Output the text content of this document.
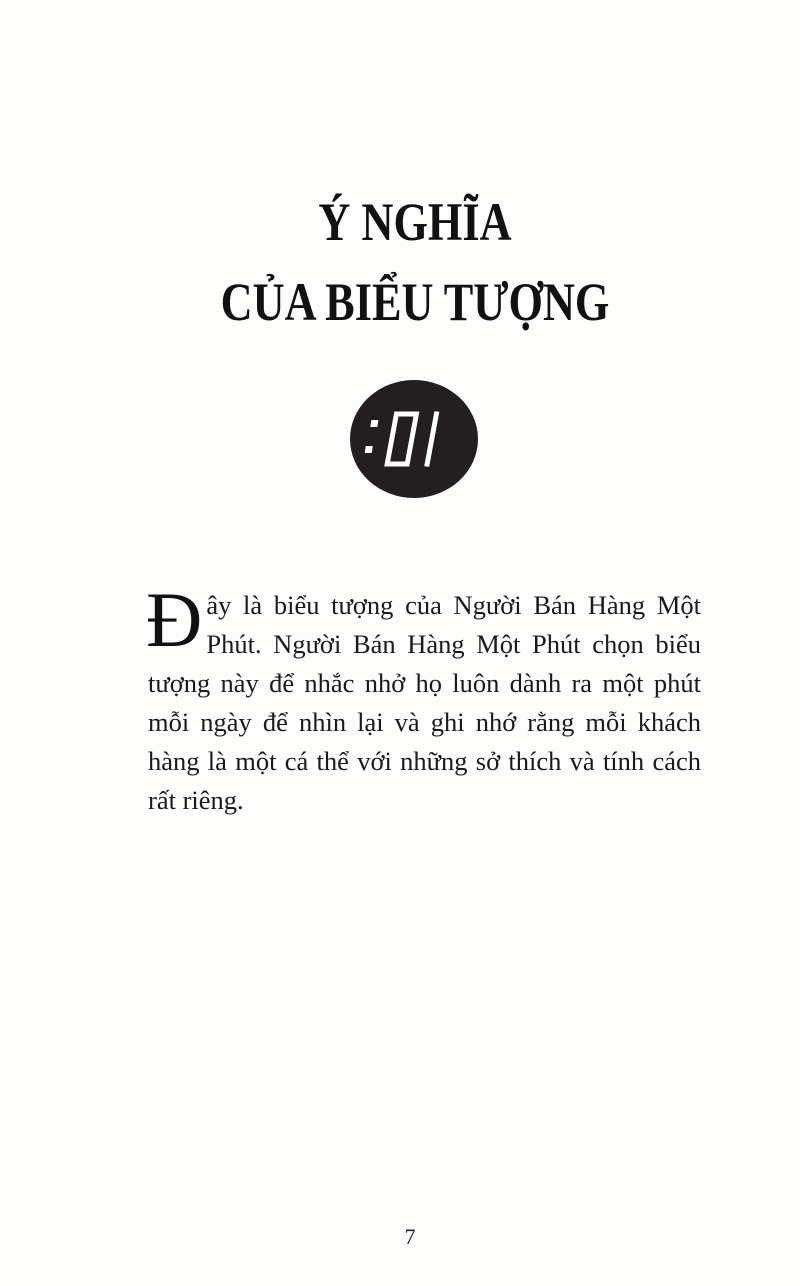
Ý NGHĨA
CỦA BIỂU TƯỢNG
Đây là biểu tượng của Người Bán Hàng Một Phút. Người Bán Hàng Một Phút chọn biểu tượng này để nhắc nhở họ luôn dành ra một phút mỗi ngày để nhìn lại và ghi nhớ rằng mỗi khách hàng là một cá thể với những sở thích và tính cách rất riêng.
7
